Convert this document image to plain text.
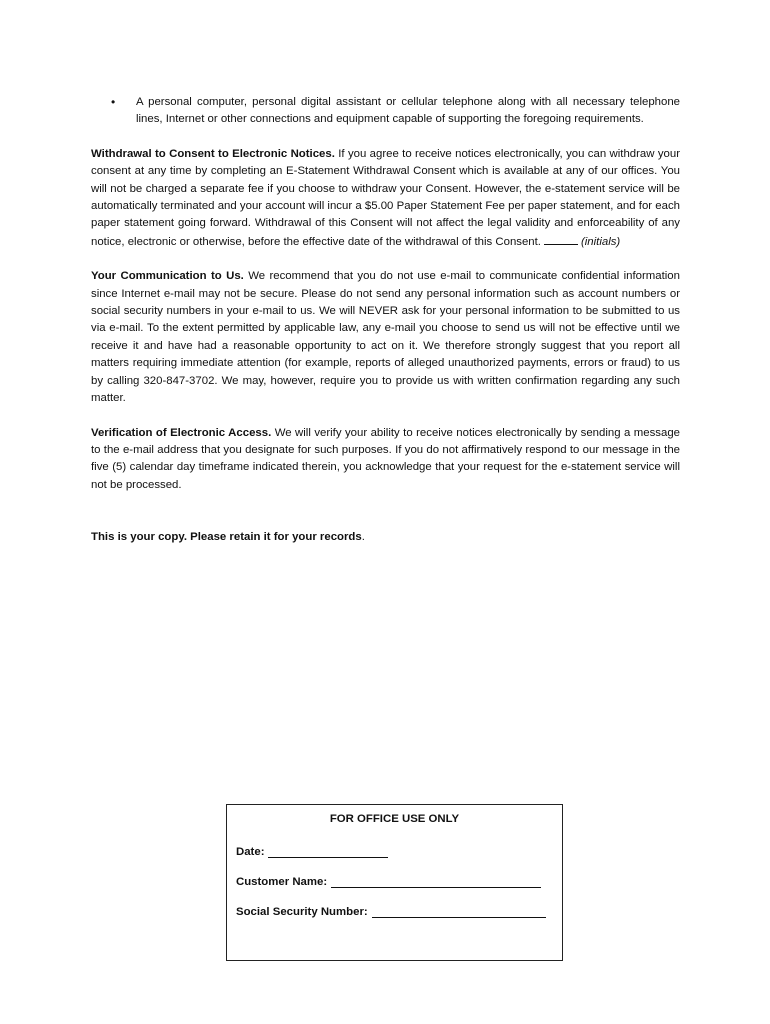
•	A personal computer, personal digital assistant or cellular telephone along with all necessary telephone lines, Internet or other connections and equipment capable of supporting the foregoing requirements.

Withdrawal to Consent to Electronic Notices. If you agree to receive notices electronically, you can withdraw your consent at any time by completing an E-Statement Withdrawal Consent which is available at any of our offices. You will not be charged a separate fee if you choose to withdraw your Consent. However, the e-statement service will be automatically terminated and your account will incur a $5.00 Paper Statement Fee per paper statement, and for each paper statement going forward. Withdrawal of this Consent will not affect the legal validity and enforceability of any notice, electronic or otherwise, before the effective date of the withdrawal of this Consent.	(initials)

Your Communication to Us. We recommend that you do not use e-mail to communicate confidential information since Internet e-mail may not be secure. Please do not send any personal information such as account numbers or social security numbers in your e-mail to us. We will NEVER ask for your personal information to be submitted to us via e-mail. To the extent permitted by applicable law, any e-mail you choose to send us will not be effective until we receive it and have had a reasonable opportunity to act on it. We therefore strongly suggest that you report all matters requiring immediate attention (for example, reports of alleged unauthorized payments, errors or fraud) to us by calling 320-847-3702. We may, however, require you to provide us with written confirmation regarding any such matter.

Verification of Electronic Access. We will verify your ability to receive notices electronically by sending a message to the e-mail address that you designate for such purposes. If you do not affirmatively respond to our message in the five (5) calendar day timeframe indicated therein, you acknowledge that your request for the e-statement service will not be processed.

This is your copy. Please retain it for your records.
FOR OFFICE USE ONLY
Date:
Customer Name:
Social Security Number:
